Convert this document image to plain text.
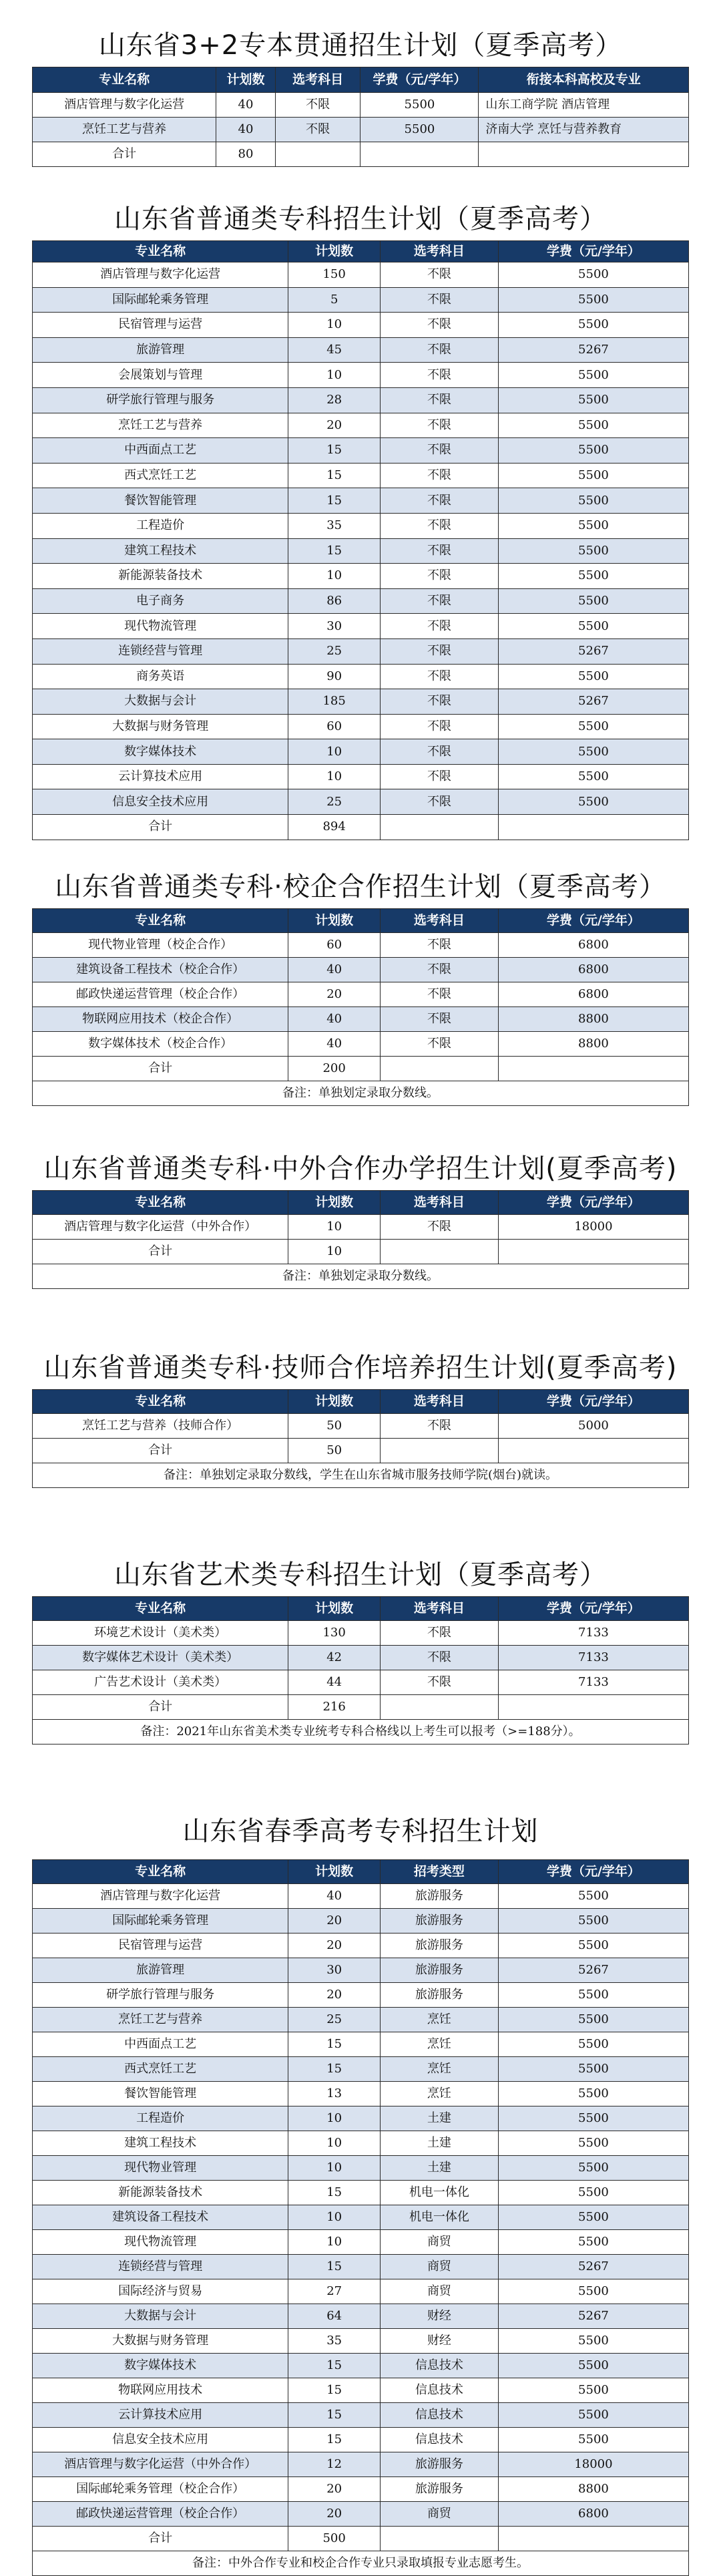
山东省3+2专本贯通招生计划（夏季高考）
专业名称	计划数	选考科目	学费（元/学年）	衔接本科高校及专业
酒店管理与数字化运营	40	不限	5500	山东工商学院 酒店管理
烹饪工艺与营养	40	不限	5500	济南大学 烹饪与营养教育
合计	80			
山东省普通类专科招生计划（夏季高考）
专业名称	计划数	选考科目	学费（元/学年）
酒店管理与数字化运营	150	不限	5500
国际邮轮乘务管理	5	不限	5500
民宿管理与运营	10	不限	5500
旅游管理	45	不限	5267
会展策划与管理	10	不限	5500
研学旅行管理与服务	28	不限	5500
烹饪工艺与营养	20	不限	5500
中西面点工艺	15	不限	5500
西式烹饪工艺	15	不限	5500
餐饮智能管理	15	不限	5500
工程造价	35	不限	5500
建筑工程技术	15	不限	5500
新能源装备技术	10	不限	5500
电子商务	86	不限	5500
现代物流管理	30	不限	5500
连锁经营与管理	25	不限	5267
商务英语	90	不限	5500
大数据与会计	185	不限	5267
大数据与财务管理	60	不限	5500
数字媒体技术	10	不限	5500
云计算技术应用	10	不限	5500
信息安全技术应用	25	不限	5500
合计	894		
山东省普通类专科·校企合作招生计划（夏季高考）
专业名称	计划数	选考科目	学费（元/学年）
现代物业管理（校企合作）	60	不限	6800
建筑设备工程技术（校企合作）	40	不限	6800
邮政快递运营管理（校企合作）	20	不限	6800
物联网应用技术（校企合作）	40	不限	8800
数字媒体技术（校企合作）	40	不限	8800
合计	200		
备注：单独划定录取分数线。			
山东省普通类专科·中外合作办学招生计划(夏季高考)
专业名称	计划数	选考科目	学费（元/学年）
酒店管理与数字化运营（中外合作）	10	不限	18000
合计	10		
备注：单独划定录取分数线。			
山东省普通类专科·技师合作培养招生计划(夏季高考)
专业名称	计划数	选考科目	学费（元/学年）
烹饪工艺与营养（技师合作）	50	不限	5000
合计	50		
备注：单独划定录取分数线，学生在山东省城市服务技师学院(烟台)就读。			
山东省艺术类专科招生计划（夏季高考）
专业名称	计划数	选考科目	学费（元/学年）
环境艺术设计（美术类）	130	不限	7133
数字媒体艺术设计（美术类）	42	不限	7133
广告艺术设计（美术类）	44	不限	7133
合计	216		
备注：2021年山东省美术类专业统考专科合格线以上考生可以报考（>=188分）。			
山东省春季高考专科招生计划
专业名称	计划数	招考类型	学费（元/学年）
酒店管理与数字化运营	40	旅游服务	5500
国际邮轮乘务管理	20	旅游服务	5500
民宿管理与运营	20	旅游服务	5500
旅游管理	30	旅游服务	5267
研学旅行管理与服务	20	旅游服务	5500
烹饪工艺与营养	25	烹饪	5500
中西面点工艺	15	烹饪	5500
西式烹饪工艺	15	烹饪	5500
餐饮智能管理	13	烹饪	5500
工程造价	10	土建	5500
建筑工程技术	10	土建	5500
现代物业管理	10	土建	5500
新能源装备技术	15	机电一体化	5500
建筑设备工程技术	10	机电一体化	5500
现代物流管理	10	商贸	5500
连锁经营与管理	15	商贸	5267
国际经济与贸易	27	商贸	5500
大数据与会计	64	财经	5267
大数据与财务管理	35	财经	5500
数字媒体技术	15	信息技术	5500
物联网应用技术	15	信息技术	5500
云计算技术应用	15	信息技术	5500
信息安全技术应用	15	信息技术	5500
酒店管理与数字化运营（中外合作）	12	旅游服务	18000
国际邮轮乘务管理（校企合作）	20	旅游服务	8800
邮政快递运营管理（校企合作）	20	商贸	6800
合计	500		
备注：中外合作专业和校企合作专业只录取填报专业志愿考生。			
